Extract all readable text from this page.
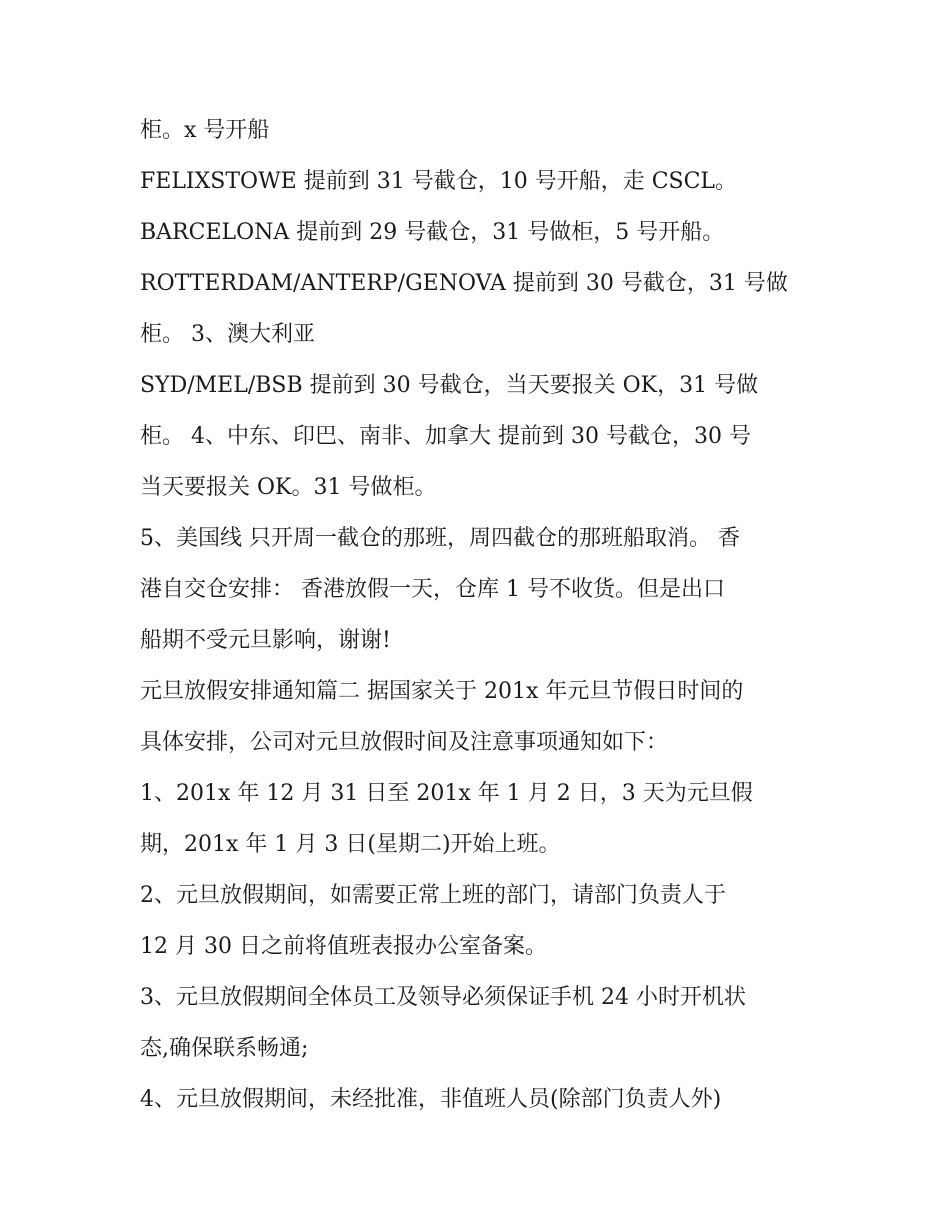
柜。x 号开船
FELIXSTOWE 提前到 31 号截仓，10 号开船，走 CSCL。
BARCELONA 提前到 29 号截仓，31 号做柜，5 号开船。
ROTTERDAM/ANTERP/GENOVA 提前到 30 号截仓，31 号做
柜。 3、澳大利亚
SYD/MEL/BSB 提前到 30 号截仓，当天要报关 OK，31 号做
柜。 4、中东、印巴、南非、加拿大 提前到 30 号截仓，30 号
当天要报关 OK。31 号做柜。
5、美国线 只开周一截仓的那班，周四截仓的那班船取消。 香
港自交仓安排： 香港放假一天，仓库 1 号不收货。但是出口
船期不受元旦影响，谢谢!
元旦放假安排通知篇二 据国家关于 201x 年元旦节假日时间的
具体安排，公司对元旦放假时间及注意事项通知如下：
1、201x 年 12 月 31 日至 201x 年 1 月 2 日，3 天为元旦假
期，201x 年 1 月 3 日(星期二)开始上班。
2、元旦放假期间，如需要正常上班的部门，请部门负责人于
12 月 30 日之前将值班表报办公室备案。
3、元旦放假期间全体员工及领导必须保证手机 24 小时开机状
态,确保联系畅通;
4、元旦放假期间，未经批准，非值班人员(除部门负责人外)
